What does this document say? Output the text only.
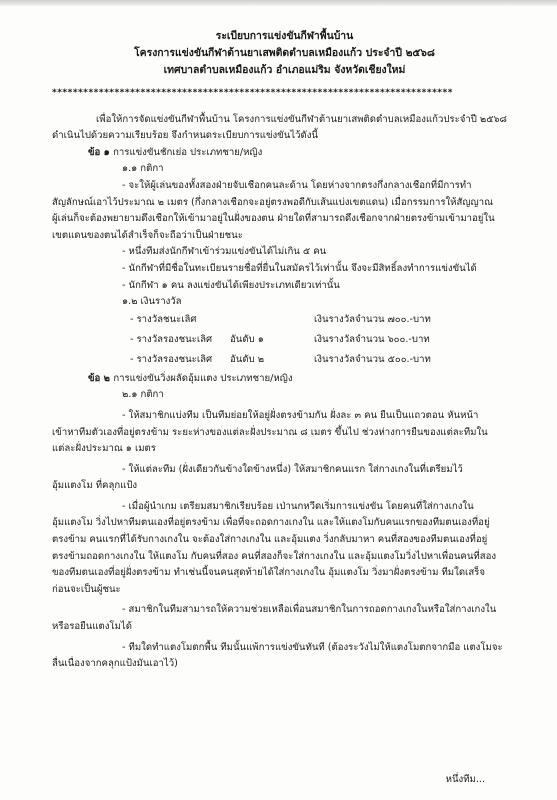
ระเบียบการแข่งขันกีฬาพื้นบ้าน
โครงการแข่งขันกีฬาต้านยาเสพติดตำบลเหมืองแก้ว ประจำปี ๒๕๖๘
เทศบาลตำบลเหมืองแก้ว อำเภอแม่ริม จังหวัดเชียงใหม่
*****************************************************************************

เพื่อให้การจัดแข่งขันกีฬาพื้นบ้าน โครงการแข่งขันกีฬาต้านยาเสพติดตำบลเหมืองแก้วประจำปี ๒๕๖๘

ดำเนินไปด้วยความเรียบร้อย จึงกำหนดระเบียบการแข่งขันไว้ดังนี้

ข้อ ๑ การแข่งขันชักเย่อ ประเภทชาย/หญิง

๑.๑ กติกา

- จะให้ผู้เล่นของทั้งสองฝ่ายจับเชือกคนละด้าน โดยห่างจากตรงกึ่งกลางเชือกที่มีการทำ

สัญลักษณ์เอาไว้ประมาณ ๒ เมตร (กึ่งกลางเชือกจะอยู่ตรงพอดีกับเส้นแบ่งเขตแดน) เมื่อกรรมการให้สัญญาณ

ผู้เล่นก็จะต้องพยายามดึงเชือกให้เข้ามาอยู่ในฝั่งของตน ฝ่ายใดที่สามารถดึงเชือกจากฝ่ายตรงข้ามเข้ามาอยู่ใน

เขตแดนของตนได้สำเร็จก็จะถือว่าเป็นฝ่ายชนะ

- หนึ่งทีมส่งนักกีฬาเข้าร่วมแข่งขันได้ไม่เกิน ๕ คน

- นักกีฬาที่มีชื่อในทะเบียนรายชื่อที่ยื่นในสมัครไว้เท่านั้น จึงจะมีสิทธิ์ลงทำการแข่งขันได้

- นักกีฬา ๑ คน ลงแข่งขันได้เพียงประเภทเดียวเท่านั้น

๑.๒ เงินรางวัล

- รางวัลชนะเลิศ		เงินรางวัลจำนวน ๗๐๐.-บาท
- รางวัลรองชนะเลิศ	อันดับ ๑	เงินรางวัลจำนวน ๖๐๐.-บาท
- รางวัลรองชนะเลิศ	อันดับ ๒	เงินรางวัลจำนวน ๕๐๐.-บาท

ข้อ ๒ การแข่งขันวิ่งผลัดอุ้มแตง ประเภทชาย/หญิง

๒.๑ กติกา

- ให้สมาชิกแบ่งทีม เป็นทีมย่อยให้อยู่ฝั่งตรงข้ามกัน ฝั่งละ ๓ คน ยืนเป็นแถวตอน หันหน้า

เข้าหาทีมตัวเองที่อยู่ตรงข้าม ระยะห่างของแต่ละฝั่งประมาณ ๘ เมตร ขึ้นไป ช่วงห่างการยืนของแต่ละทีมใน

แต่ละฝั่งประมาณ ๑ เมตร

- ให้แต่ละทีม (ฝั่งเดียวกันข้างใดข้างหนึ่ง) ให้สมาชิกคนแรก ใส่กางเกงในที่เตรียมไว้

อุ้มแตงโม ที่คลุกแป้ง

- เมื่อผู้นำเกม เตรียมสมาชิกเรียบร้อย เป่านกหวีดเริ่มการแข่งขัน โดยคนที่ใส่กางเกงใน

อุ้มแตงโม วิ่งไปหาทีมตนเองที่อยู่ตรงข้าม เพื่อที่จะถอดกางเกงใน และให้แตงโมกับคนแรกของทีมตนเองที่อยู่

ตรงข้าม คนแรกที่ได้รับกางเกงใน จะต้องใส่กางเกงใน และอุ้มแตง วิ่งกลับมาหา คนที่สองของทีมตนเองที่อยู่

ตรงข้ามถอดกางเกงใน ให้แตงโม กับคนที่สอง คนที่สองก็จะใส่กางเกงใน และอุ้มแตงโมวิ่งไปหาเพื่อนคนที่สอง

ของทีมตนเองที่อยู่ฝั่งตรงข้าม ทำเช่นนี้จนคนสุดท้ายได้ใส่กางเกงใน อุ้มแตงโม วิ่งมาฝั่งตรงข้าม ทีมใดเสร็จ

ก่อนจะเป็นผู้ชนะ

- สมาชิกในทีมสามารถให้ความช่วยเหลือเพื่อนสมาชิกในการถอดกางเกงในหรือใส่กางเกงใน

หรือรอยืนแตงโมได้

- ทีมใดทำแตงโมตกพื้น ทีมนั้นแพ้การแข่งขันทันที (ต้องระวังไม่ให้แตงโมตกจากมือ แตงโมจะ

ลื่นเนื่องจากคลุกแป้งมันเอาไว้)

หนึ่งทีม...
